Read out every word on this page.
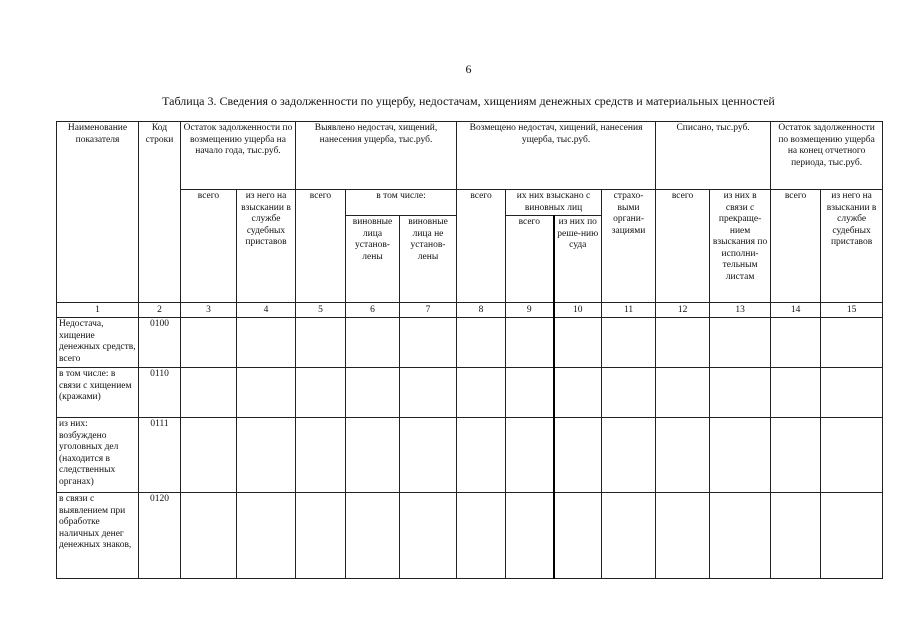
6
Таблица 3. Сведения о задолженности по ущербу, недостачам, хищениям денежных средств и материальных ценностей
Наименование показателя	Код строки	Остаток задолженности по возмещению ущерба на начало года, тыс.руб.		Выявлено недостач, хищений, нанесения ущерба, тыс.руб.			Возмещено недостач, хищений, нанесения ущерба, тыс.руб.				Списано, тыс.руб.		Остаток задолженности по возмещению ущерба на конец отчетного периода, тыс.руб.	
		всего	из него на взыскании в службе судебных приставов	всего	в том числе:		всего	их них взыскано с виновных лиц		страхо-выми органи-зациями	всего	из них в связи с прекраще-нием взыскания по исполни-тельным листам	всего	из него на взыскании в службе судебных приставов
					виновные лица установ-лены	виновные лица не установ-лены		всего	из них по реше-нию суда					
1	2	3	4	5	6	7	8	9	10	11	12	13	14	15
Недостача, хищение денежных средств, всего	0100													
в том числе: в связи с хищением (кражами)	0110													
из них: возбуждено уголовных дел (находится в следственных органах)	0111													
в связи с выявлением при обработке наличных денег денежных знаков,	0120													
